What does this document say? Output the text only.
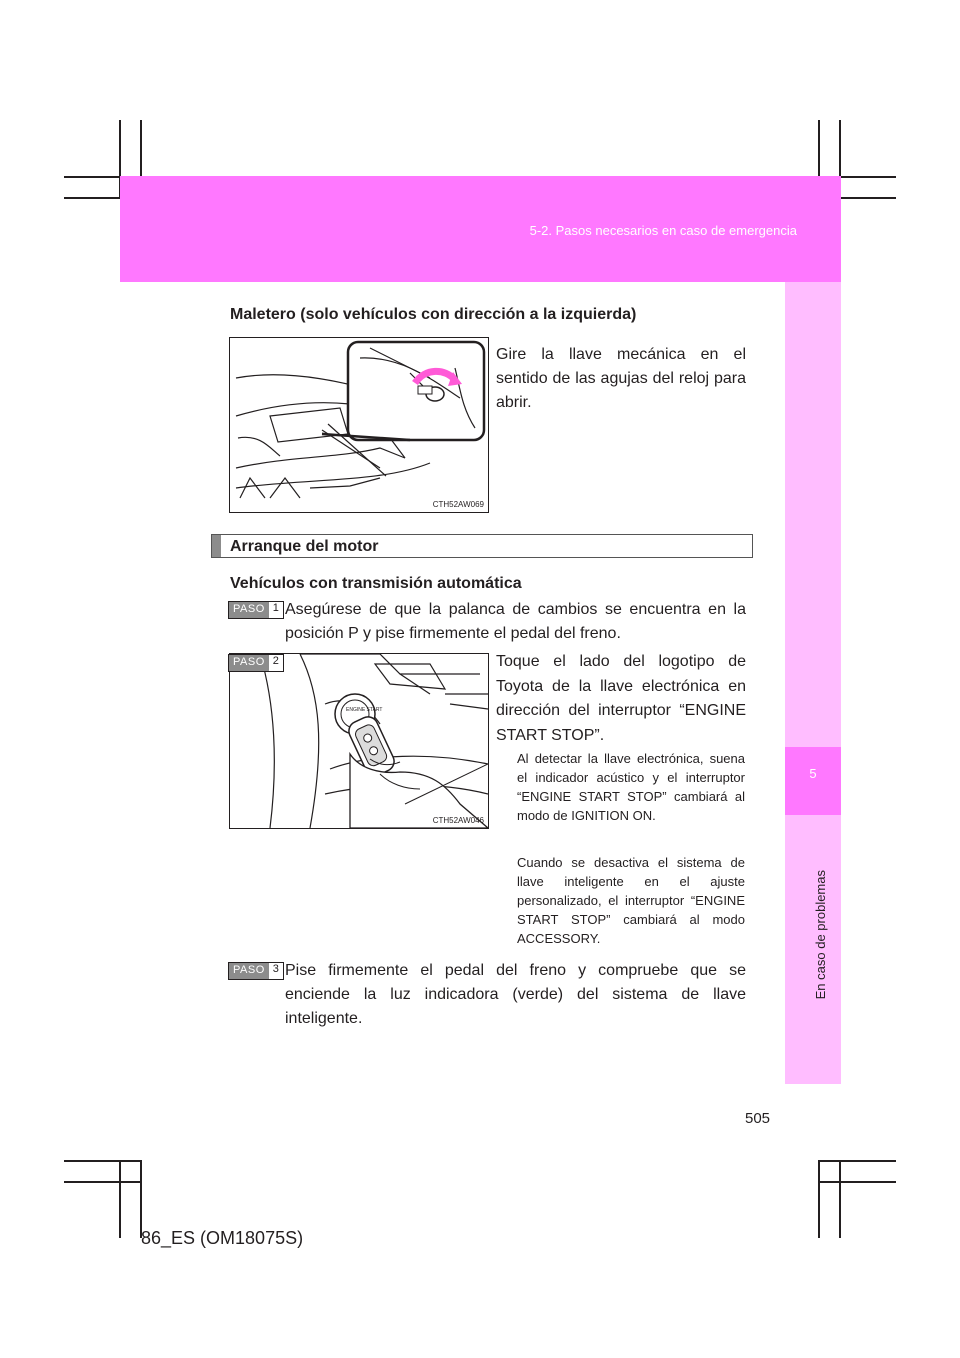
5-2. Pasos necesarios en caso de emergencia
5
En caso de problemas
Maletero (solo vehículos con dirección a la izquierda)
CTH52AW069
Gire la llave mecánica en el sentido de las agujas del reloj para abrir.
Arranque del motor
Vehículos con transmisión automática
PASO 1 Asegúrese de que la palanca de cambios se encuentra en la posición P y pise firmemente el pedal del freno.
ENGINE START
CTH52AW046
PASO 2	Toque el lado del logotipo de Toyota de la llave electrónica en dirección del interruptor “ENGINE START STOP”.
Al detectar la llave electrónica, suena el indicador acústico y el interruptor “ENGINE START STOP” cambiará al modo de IGNITION ON.
Cuando se desactiva el sistema de llave inteligente en el ajuste personalizado, el interruptor “ENGINE START STOP” cambiará al modo ACCESSORY.
PASO 3 Pise firmemente el pedal del freno y compruebe que se enciende la luz indicadora (verde) del sistema de llave inteligente.
505
86_ES (OM18075S)
